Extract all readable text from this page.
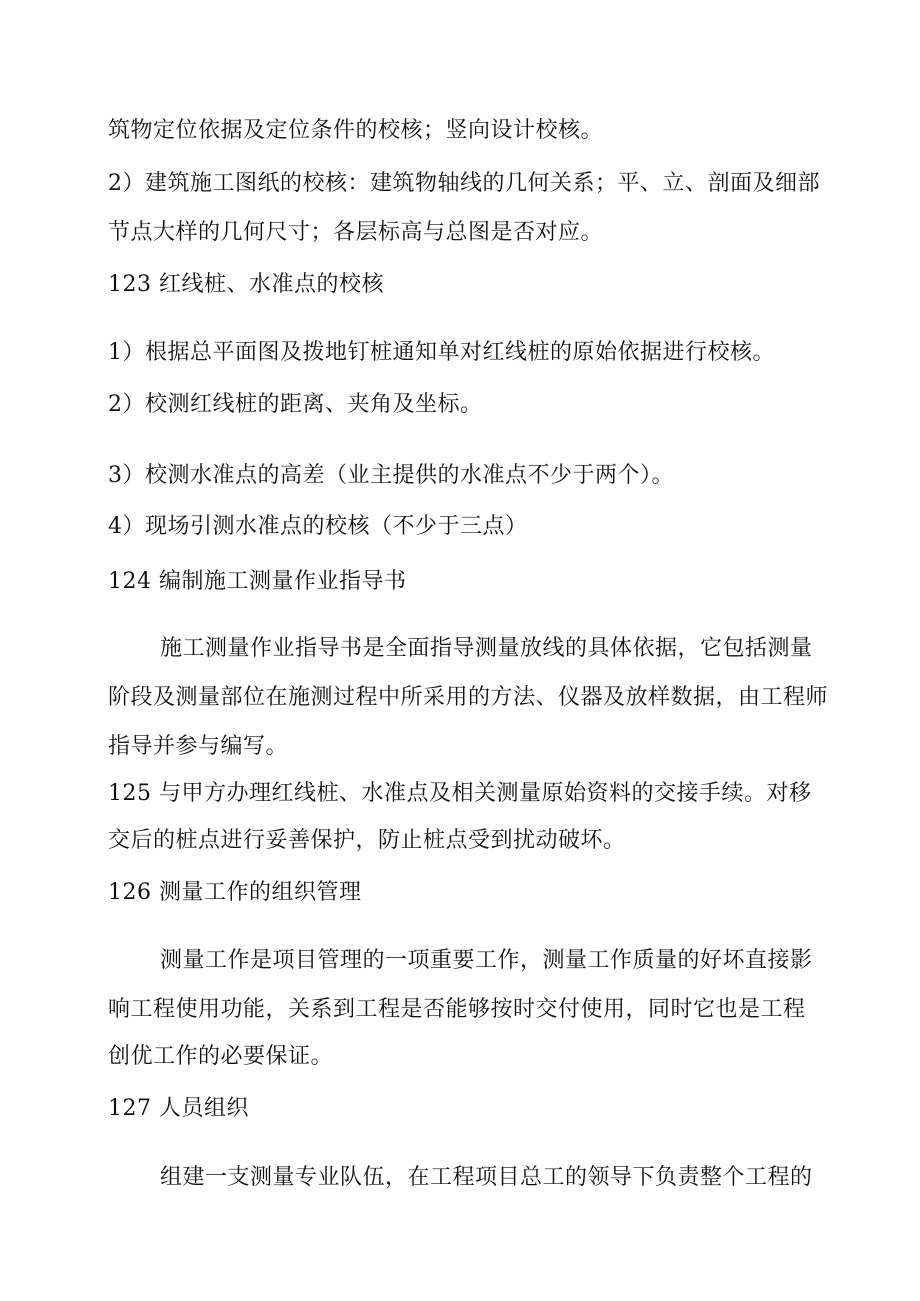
筑物定位依据及定位条件的校核；竖向设计校核。
2）建筑施工图纸的校核：建筑物轴线的几何关系；平、立、剖面及细部
节点大样的几何尺寸；各层标高与总图是否对应。
123 红线桩、水准点的校核
1）根据总平面图及拨地钉桩通知单对红线桩的原始依据进行校核。
2）校测红线桩的距离、夹角及坐标。
3）校测水准点的高差（业主提供的水准点不少于两个）。
4）现场引测水准点的校核（不少于三点）
124 编制施工测量作业指导书
施工测量作业指导书是全面指导测量放线的具体依据，它包括测量
阶段及测量部位在施测过程中所采用的方法、仪器及放样数据，由工程师
指导并参与编写。
125 与甲方办理红线桩、水准点及相关测量原始资料的交接手续。对移
交后的桩点进行妥善保护，防止桩点受到扰动破坏。
126 测量工作的组织管理
测量工作是项目管理的一项重要工作，测量工作质量的好坏直接影
响工程使用功能，关系到工程是否能够按时交付使用，同时它也是工程
创优工作的必要保证。
127 人员组织
组建一支测量专业队伍，在工程项目总工的领导下负责整个工程的
